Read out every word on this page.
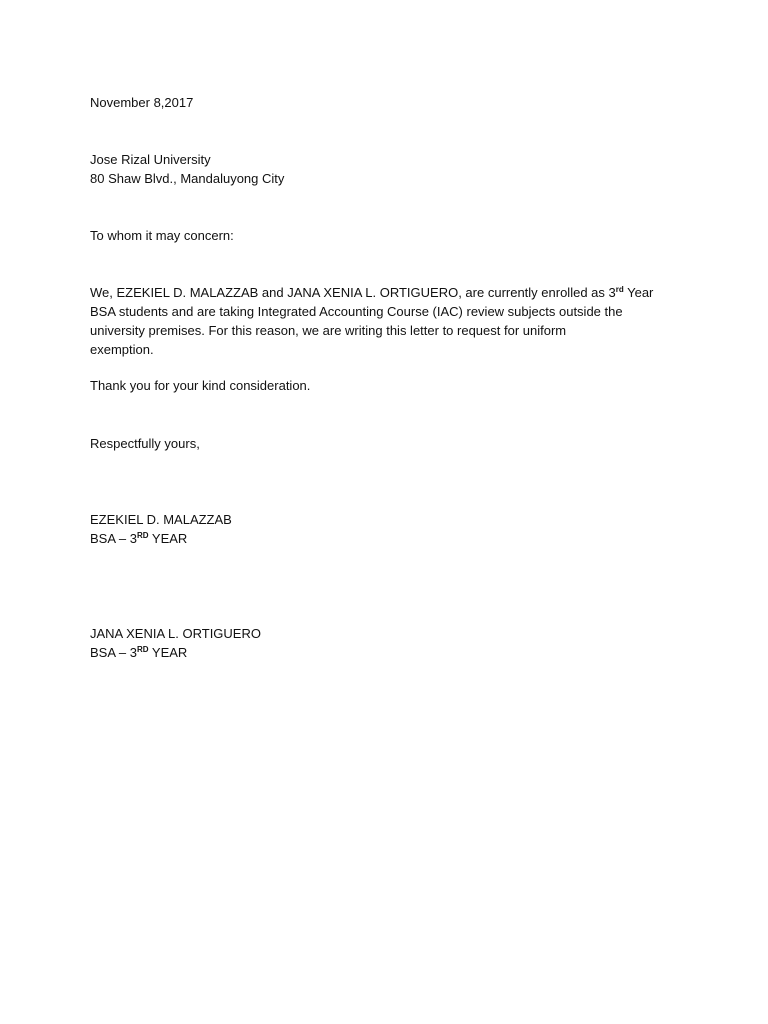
November 8,2017
Jose Rizal University
80 Shaw Blvd., Mandaluyong City
To whom it may concern:
We, EZEKIEL D. MALAZZAB and JANA XENIA L. ORTIGUERO, are currently enrolled as 3rd Year
BSA students and are taking Integrated Accounting Course (IAC) review subjects outside the
university premises. For this reason, we are writing this letter to request for uniform
exemption.
Thank you for your kind consideration.
Respectfully yours,
EZEKIEL D. MALAZZAB
BSA – 3RD YEAR
JANA XENIA L. ORTIGUERO
BSA – 3RD YEAR
